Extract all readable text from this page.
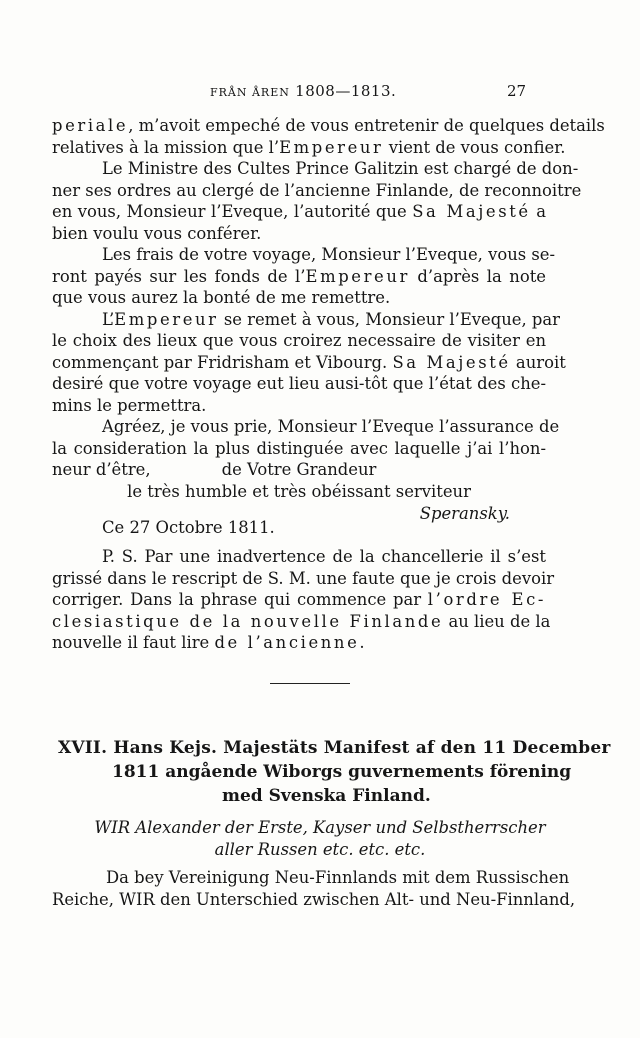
FRÅN ÅREN 1808—1813.	27
periale, m’avoit empeché de vous entretenir de quelques details
relatives à la mission que l’Empereur vient de vous confier.
Le Ministre des Cultes Prince Galitzin est chargé de don-
ner ses ordres au clergé de l’ancienne Finlande, de reconnoitre
en vous, Monsieur l’Eveque, l’autorité que Sa Majesté a
bien voulu vous conférer.
Les frais de votre voyage, Monsieur l’Eveque, vous se-
ront payés sur les fonds de l’Empereur d’après la note
que vous aurez la bonté de me remettre.
L’Empereur se remet à vous, Monsieur l’Eveque, par
le choix des lieux que vous croirez necessaire de visiter en
commençant par Fridrisham et Vibourg. Sa Majesté auroit
desiré que votre voyage eut lieu ausi-tôt que l’état des che-
mins le permettra.
Agréez, je vous prie, Monsieur l’Eveque l’assurance de
la consideration la plus distinguée avec laquelle j’ai l’hon-
neur d’être,	de Votre Grandeur
le très humble et très obéissant serviteur
Speransky.
Ce 27 Octobre 1811.
P. S. Par une inadvertence de la chancellerie il s’est
grissé dans le rescript de S. M. une faute que je crois devoir
corriger. Dans la phrase qui commence par l’ordre Ec-
clesiastique de la nouvelle Finlande au lieu de la
nouvelle il faut lire de l’ancienne.
XVII. Hans Kejs. Majestäts Manifest af den 11 December
1811 angående Wiborgs guvernements förening
med Svenska Finland.
WIR Alexander der Erste, Kayser und Selbstherrscher
aller Russen etc. etc. etc.
Da bey Vereinigung Neu-Finnlands mit dem Russischen
Reiche, WIR den Unterschied zwischen Alt- und Neu-Finnland,
